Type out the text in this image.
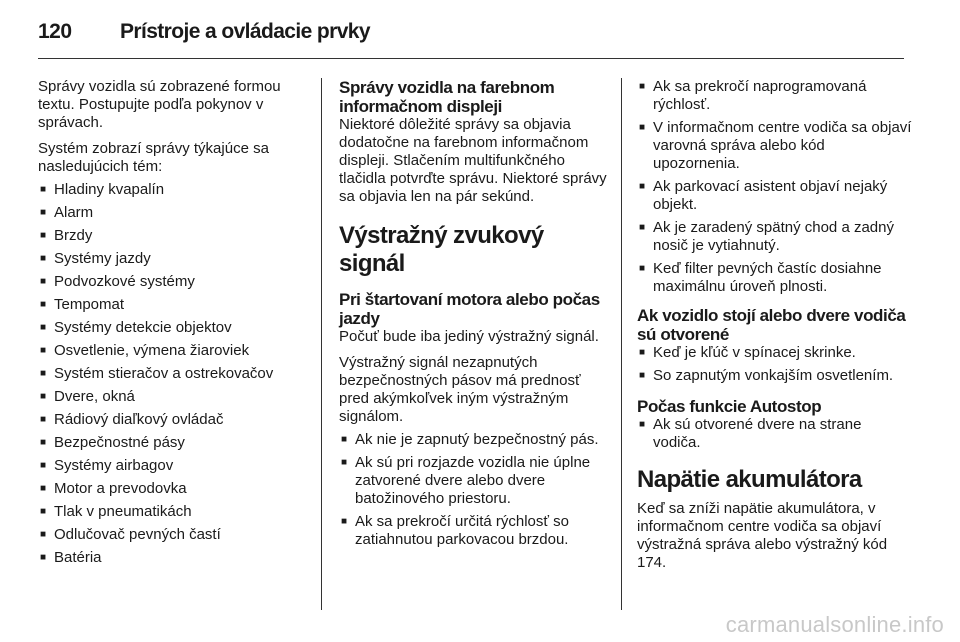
120 Prístroje a ovládacie prvky

Správy vozidla sú zobrazené formou textu. Postupujte podľa pokynov v správach.

Systém zobrazí správy týkajúce sa nasledujúcich tém:

■ Hladiny kvapalín
■ Alarm
■ Brzdy
■ Systémy jazdy
■ Podvozkové systémy
■ Tempomat
■ Systémy detekcie objektov
■ Osvetlenie, výmena žiaroviek
■ Systém stieračov a ostrekovačov
■ Dvere, okná
■ Rádiový diaľkový ovládač
■ Bezpečnostné pásy
■ Systémy airbagov
■ Motor a prevodovka
■ Tlak v pneumatikách
■ Odlučovač pevných častí
■ Batéria
Správy vozidla na farebnom informačnom displeji

Niektoré dôležité správy sa objavia dodatočne na farebnom informačnom displeji. Stlačením multifunkčného tlačidla potvrďte správu. Niektoré správy sa objavia len na pár sekúnd.

Výstražný zvukový signál
Pri štartovaní motora alebo počas jazdy

Počuť bude iba jediný výstražný signál.

Výstražný signál nezapnutých bezpečnostných pásov má prednosť pred akýmkoľvek iným výstražným signálom.

■ Ak nie je zapnutý bezpečnostný pás.
■ Ak sú pri rozjazde vozidla nie úplne zatvorené dvere alebo dvere batožinového priestoru.
■ Ak sa prekročí určitá rýchlosť so zatiahnutou parkovacou brzdou.
■ Ak sa prekročí naprogramovaná rýchlosť.
■ V informačnom centre vodiča sa objaví varovná správa alebo kód upozornenia.
■ Ak parkovací asistent objaví nejaký objekt.
■ Ak je zaradený spätný chod a zadný nosič je vytiahnutý.
■ Keď filter pevných častíc dosiahne maximálnu úroveň plnosti.
Ak vozidlo stojí alebo dvere vodiča sú otvorené
■ Keď je kľúč v spínacej skrinke.
■ So zapnutým vonkajším osvetlením.
Počas funkcie Autostop
■ Ak sú otvorené dvere na strane vodiča.
Napätie akumulátora

Keď sa zníži napätie akumulátora, v informačnom centre vodiča sa objaví výstražná správa alebo výstražný kód 174.

carmanualsonline.info
